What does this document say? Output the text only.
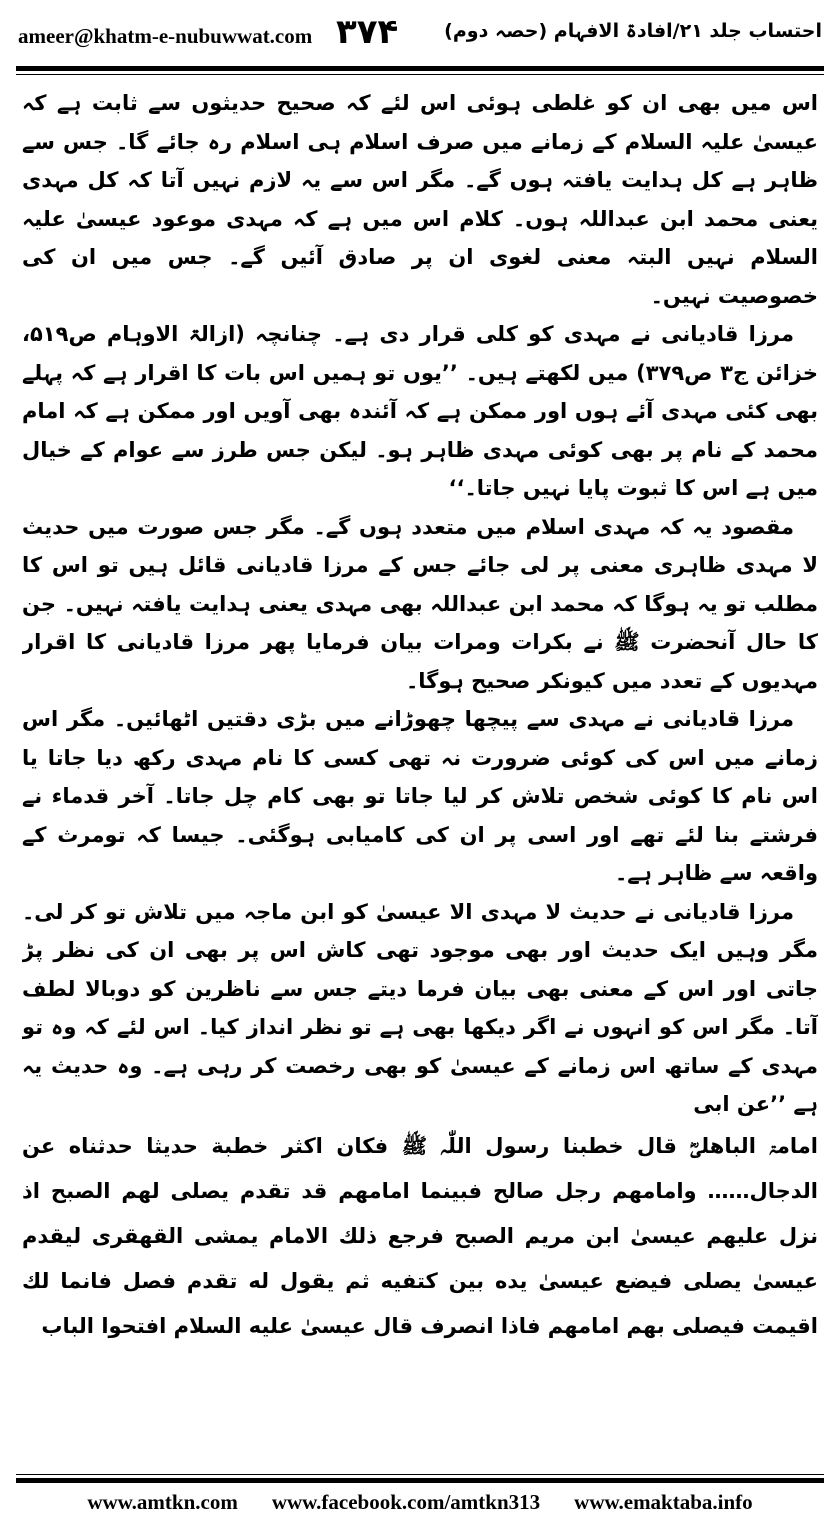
ameer@khatm-e-nubuwwat.com ۳۷۴ احتساب جلد ۲۱/افادۃ الافہام (حصہ دوم)

اس میں بھی ان کو غلطی ہوئی اس لئے کہ صحیح حدیثوں سے ثابت ہے کہ عیسیٰ علیہ السلام کے زمانے میں صرف اسلام ہی اسلام رہ جائے گا۔ جس سے ظاہر ہے کل ہدایت یافتہ ہوں گے۔ مگر اس سے یہ لازم نہیں آتا کہ کل مہدی یعنی محمد ابن عبداللہ ہوں۔ کلام اس میں ہے کہ مہدی موعود عیسیٰ علیہ السلام نہیں البتہ معنی لغوی ان پر صادق آئیں گے۔ جس میں ان کی خصوصیت نہیں۔

مرزا قادیانی نے مہدی کو کلی قرار دی ہے۔ چنانچہ (ازالۃ الاوہام ص۵۱۹، خزائن ج۳ ص۳۷۹) میں لکھتے ہیں۔ ’’یوں تو ہمیں اس بات کا اقرار ہے کہ پہلے بھی کئی مہدی آئے ہوں اور ممکن ہے کہ آئندہ بھی آویں اور ممکن ہے کہ امام محمد کے نام پر بھی کوئی مہدی ظاہر ہو۔ لیکن جس طرز سے عوام کے خیال میں ہے اس کا ثبوت پایا نہیں جاتا۔‘‘

مقصود یہ کہ مہدی اسلام میں متعدد ہوں گے۔ مگر جس صورت میں حدیث لا مہدی ظاہری معنی پر لی جائے جس کے مرزا قادیانی قائل ہیں تو اس کا مطلب تو یہ ہوگا کہ محمد ابن عبداللہ بھی مہدی یعنی ہدایت یافتہ نہیں۔ جن کا حال آنحضرت ﷺ نے بکرات ومرات بیان فرمایا پھر مرزا قادیانی کا اقرار مہدیوں کے تعدد میں کیونکر صحیح ہوگا۔

مرزا قادیانی نے مہدی سے پیچھا چھوڑانے میں بڑی دقتیں اٹھائیں۔ مگر اس زمانے میں اس کی کوئی ضرورت نہ تھی کسی کا نام مہدی رکھ دیا جاتا یا اس نام کا کوئی شخص تلاش کر لیا جاتا تو بھی کام چل جاتا۔ آخر قدماء نے فرشتے بنا لئے تھے اور اسی پر ان کی کامیابی ہوگئی۔ جیسا کہ تومرث کے واقعہ سے ظاہر ہے۔

مرزا قادیانی نے حدیث لا مہدی الا عیسیٰ کو ابن ماجہ میں تلاش تو کر لی۔ مگر وہیں ایک حدیث اور بھی موجود تھی کاش اس پر بھی ان کی نظر پڑ جاتی اور اس کے معنی بھی بیان فرما دیتے جس سے ناظرین کو دوبالا لطف آتا۔ مگر اس کو انہوں نے اگر دیکھا بھی ہے تو نظر انداز کیا۔ اس لئے کہ وہ تو مہدی کے ساتھ اس زمانے کے عیسیٰ کو بھی رخصت کر رہی ہے۔ وہ حدیث یہ ہے ’’عن ابی

امامۃ الباهلیؓ قال خطبنا رسول اللّٰہ ﷺ فکان اکثر خطبة حدیثا حدثناه عن الدجال…… وامامهم رجل صالح فبینما امامهم قد تقدم یصلی لهم الصبح اذ نزل علیهم عیسیٰ ابن مریم الصبح فرجع ذلك الامام یمشی القهقری لیقدم عیسیٰ یصلی فیضع عیسیٰ یده بین کتفیه ثم یقول له تقدم فصل فانما لك اقیمت فیصلی بهم امامهم فاذا انصرف قال عیسیٰ علیه السلام افتحوا الباب

www.amtkn.com www.facebook.com/amtkn313 www.emaktaba.info
